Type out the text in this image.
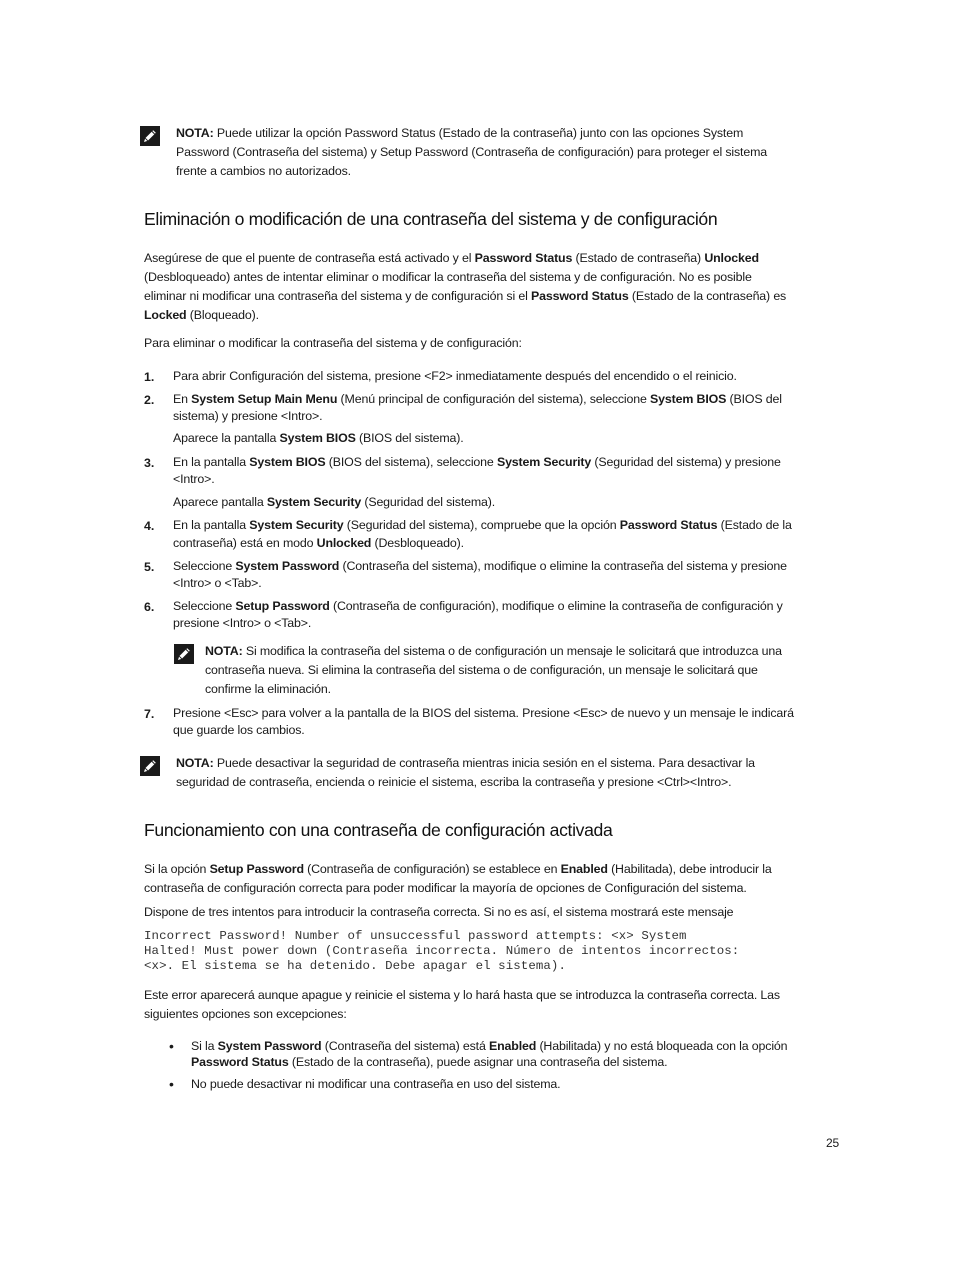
NOTA: Puede utilizar la opción Password Status (Estado de la contraseña) junto con las opciones System
Password (Contraseña del sistema) y Setup Password (Contraseña de configuración) para proteger el sistema
frente a cambios no autorizados.
Eliminación o modificación de una contraseña del sistema y de configuración
Asegúrese de que el puente de contraseña está activado y el Password Status (Estado de contraseña) Unlocked
(Desbloqueado) antes de intentar eliminar o modificar la contraseña del sistema y de configuración. No es posible
eliminar ni modificar una contraseña del sistema y de configuración si el Password Status (Estado de la contraseña) es
Locked (Bloqueado).
Para eliminar o modificar la contraseña del sistema y de configuración:
1. Para abrir Configuración del sistema, presione <F2> inmediatamente después del encendido o el reinicio.
2. En System Setup Main Menu (Menú principal de configuración del sistema), seleccione System BIOS (BIOS del
sistema) y presione <Intro>.
Aparece la pantalla System BIOS (BIOS del sistema).
3. En la pantalla System BIOS (BIOS del sistema), seleccione System Security (Seguridad del sistema) y presione
<Intro>.
Aparece pantalla System Security (Seguridad del sistema).
4. En la pantalla System Security (Seguridad del sistema), compruebe que la opción Password Status (Estado de la
contraseña) está en modo Unlocked (Desbloqueado).
5. Seleccione System Password (Contraseña del sistema), modifique o elimine la contraseña del sistema y presione
<Intro> o <Tab>.
6. Seleccione Setup Password (Contraseña de configuración), modifique o elimine la contraseña de configuración y
presione <Intro> o <Tab>.
NOTA: Si modifica la contraseña del sistema o de configuración un mensaje le solicitará que introduzca una
contraseña nueva. Si elimina la contraseña del sistema o de configuración, un mensaje le solicitará que
confirme la eliminación.
7. Presione <Esc> para volver a la pantalla de la BIOS del sistema. Presione <Esc> de nuevo y un mensaje le indicará
que guarde los cambios.
NOTA: Puede desactivar la seguridad de contraseña mientras inicia sesión en el sistema. Para desactivar la
seguridad de contraseña, encienda o reinicie el sistema, escriba la contraseña y presione <Ctrl><Intro>.
Funcionamiento con una contraseña de configuración activada
Si la opción Setup Password (Contraseña de configuración) se establece en Enabled (Habilitada), debe introducir la
contraseña de configuración correcta para poder modificar la mayoría de opciones de Configuración del sistema.
Dispone de tres intentos para introducir la contraseña correcta. Si no es así, el sistema mostrará este mensaje
Incorrect Password! Number of unsuccessful password attempts: <x> System
Halted! Must power down (Contraseña incorrecta. Número de intentos incorrectos:
<x>. El sistema se ha detenido. Debe apagar el sistema).
Este error aparecerá aunque apague y reinicie el sistema y lo hará hasta que se introduzca la contraseña correcta. Las
siguientes opciones son excepciones:
• Si la System Password (Contraseña del sistema) está Enabled (Habilitada) y no está bloqueada con la opción
Password Status (Estado de la contraseña), puede asignar una contraseña del sistema.
• No puede desactivar ni modificar una contraseña en uso del sistema.
25
